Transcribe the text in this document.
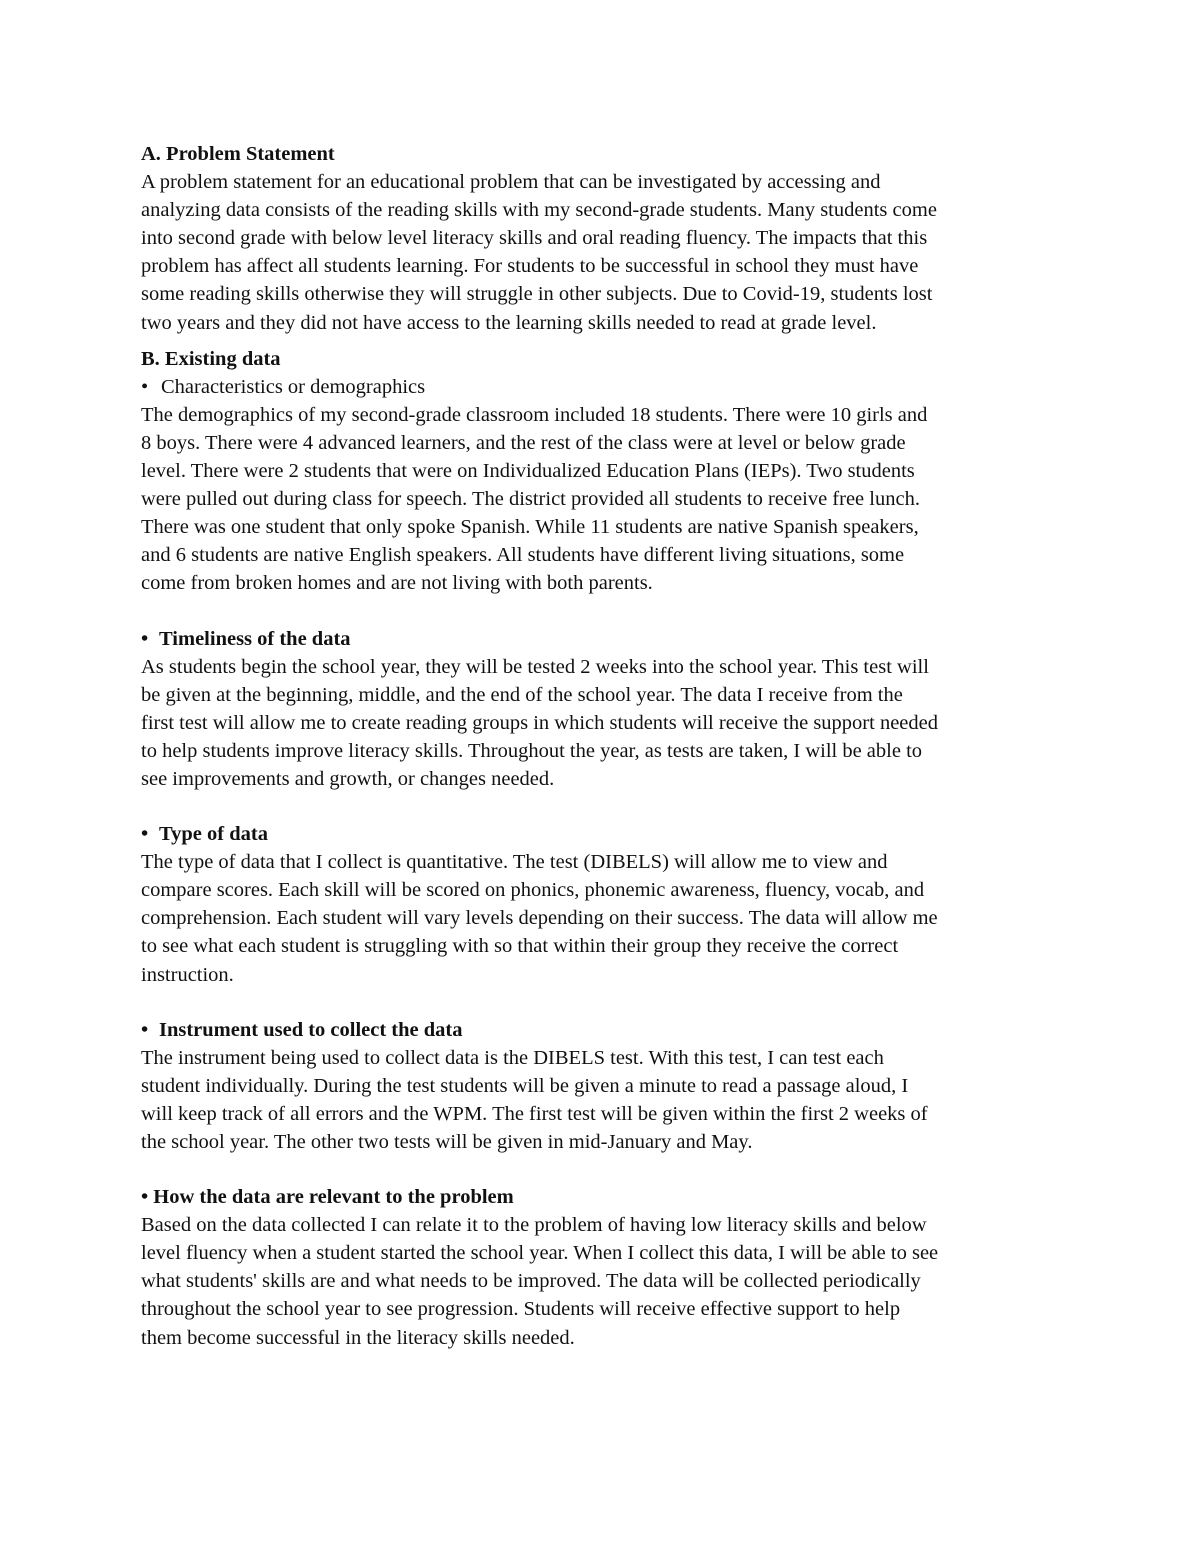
A. Problem Statement

A problem statement for an educational problem that can be investigated by accessing and
analyzing data consists of the reading skills with my second-grade students. Many students come
into second grade with below level literacy skills and oral reading fluency. The impacts that this
problem has affect all students learning. For students to be successful in school they must have
some reading skills otherwise they will struggle in other subjects. Due to Covid-19, students lost
two years and they did not have access to the learning skills needed to read at grade level.

B. Existing data

• Characteristics or demographics

The demographics of my second-grade classroom included 18 students. There were 10 girls and
8 boys. There were 4 advanced learners, and the rest of the class were at level or below grade
level. There were 2 students that were on Individualized Education Plans (IEPs). Two students
were pulled out during class for speech. The district provided all students to receive free lunch.
There was one student that only spoke Spanish. While 11 students are native Spanish speakers,
and 6 students are native English speakers. All students have different living situations, some
come from broken homes and are not living with both parents.

• Timeliness of the data

As students begin the school year, they will be tested 2 weeks into the school year. This test will
be given at the beginning, middle, and the end of the school year. The data I receive from the
first test will allow me to create reading groups in which students will receive the support needed
to help students improve literacy skills. Throughout the year, as tests are taken, I will be able to
see improvements and growth, or changes needed.

• Type of data

The type of data that I collect is quantitative. The test (DIBELS) will allow me to view and
compare scores. Each skill will be scored on phonics, phonemic awareness, fluency, vocab, and
comprehension. Each student will vary levels depending on their success. The data will allow me
to see what each student is struggling with so that within their group they receive the correct
instruction.

• Instrument used to collect the data

The instrument being used to collect data is the DIBELS test. With this test, I can test each
student individually. During the test students will be given a minute to read a passage aloud, I
will keep track of all errors and the WPM. The first test will be given within the first 2 weeks of
the school year. The other two tests will be given in mid-January and May.

• How the data are relevant to the problem

Based on the data collected I can relate it to the problem of having low literacy skills and below
level fluency when a student started the school year. When I collect this data, I will be able to see
what students' skills are and what needs to be improved. The data will be collected periodically
throughout the school year to see progression. Students will receive effective support to help
them become successful in the literacy skills needed.
